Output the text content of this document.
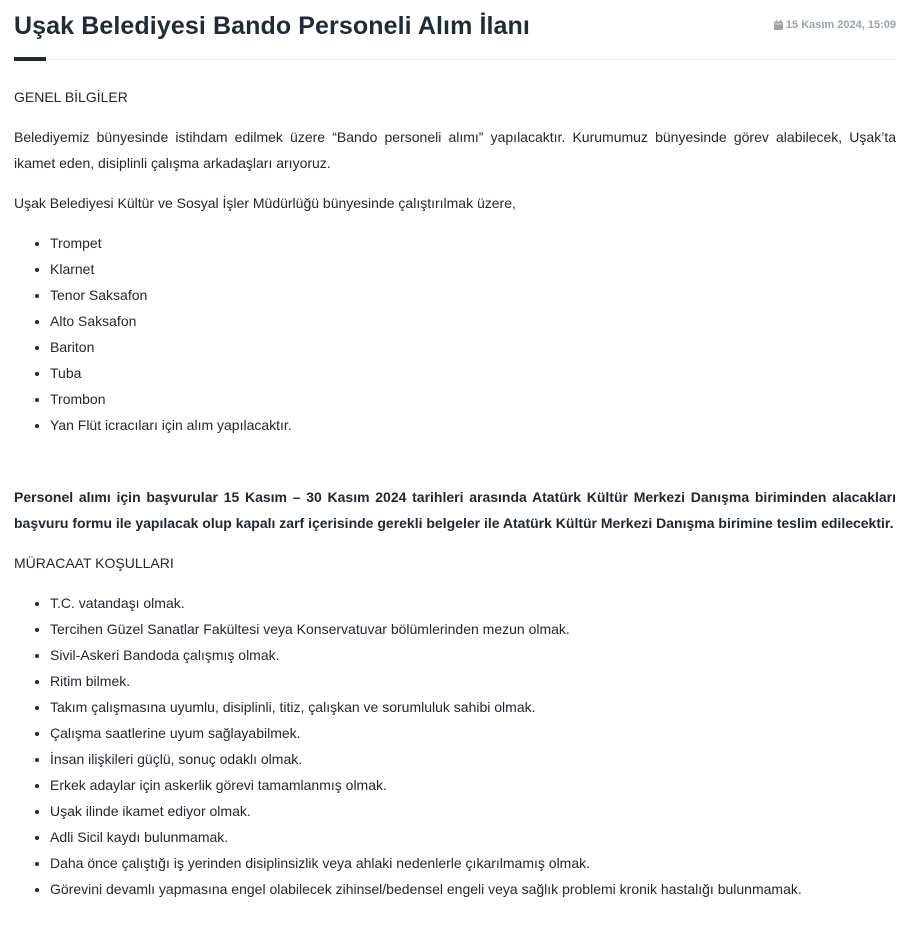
Uşak Belediyesi Bando Personeli Alım İlanı	15 Kasım 2024, 15:09

GENEL BİLGİLER

Belediyemiz bünyesinde istihdam edilmek üzere “Bando personeli alımı” yapılacaktır. Kurumumuz bünyesinde görev alabilecek, Uşak’ta ikamet eden, disiplinli çalışma arkadaşları arıyoruz.

Uşak Belediyesi Kültür ve Sosyal İşler Müdürlüğü bünyesinde çalıştırılmak üzere,

• Trompet
• Klarnet
• Tenor Saksafon
• Alto Saksafon
• Bariton
• Tuba
• Trombon
• Yan Flüt icracıları için alım yapılacaktır.

Personel alımı için başvurular 15 Kasım – 30 Kasım 2024 tarihleri arasında Atatürk Kültür Merkezi Danışma biriminden alacakları başvuru formu ile yapılacak olup kapalı zarf içerisinde gerekli belgeler ile Atatürk Kültür Merkezi Danışma birimine teslim edilecektir.

MÜRACAAT KOŞULLARI

• T.C. vatandaşı olmak.
• Tercihen Güzel Sanatlar Fakültesi veya Konservatuvar bölümlerinden mezun olmak.
• Sivil-Askeri Bandoda çalışmış olmak.
• Ritim bilmek.
• Takım çalışmasına uyumlu, disiplinli, titiz, çalışkan ve sorumluluk sahibi olmak.
• Çalışma saatlerine uyum sağlayabilmek.
• İnsan ilişkileri güçlü, sonuç odaklı olmak.
• Erkek adaylar için askerlik görevi tamamlanmış olmak.
• Uşak ilinde ikamet ediyor olmak.
• Adli Sicil kaydı bulunmamak.
• Daha önce çalıştığı iş yerinden disiplinsizlik veya ahlaki nedenlerle çıkarılmamış olmak.
• Görevini devamlı yapmasına engel olabilecek zihinsel/bedensel engeli veya sağlık problemi kronik hastalığı bulunmamak.
